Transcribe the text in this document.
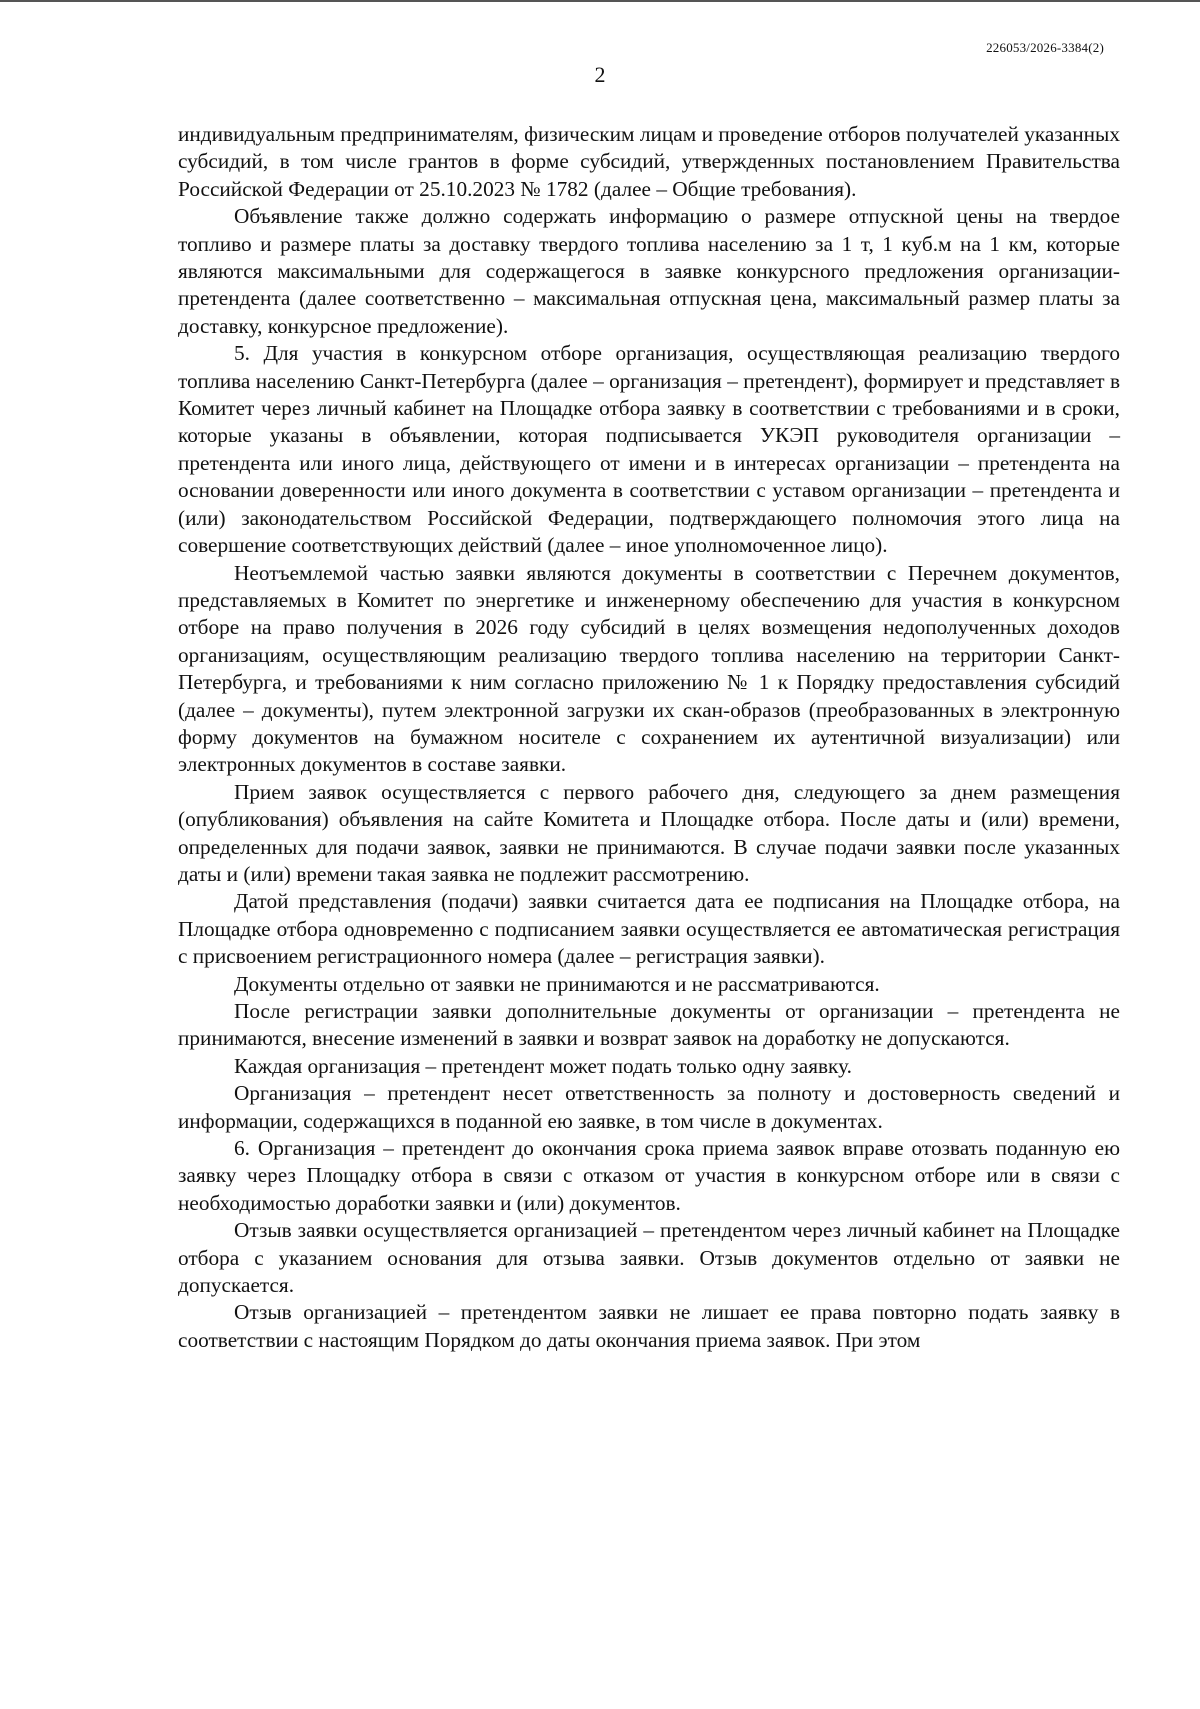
226053/2026-3384(2)
2

индивидуальным предпринимателям, физическим лицам и проведение отборов получателей указанных субсидий, в том числе грантов в форме субсидий, утвержденных постановлением Правительства Российской Федерации от 25.10.2023 № 1782 (далее – Общие требования).

Объявление также должно содержать информацию о размере отпускной цены на твердое топливо и размере платы за доставку твердого топлива населению за 1 т, 1 куб.м на 1 км, которые являются максимальными для содержащегося в заявке конкурсного предложения организации-претендента (далее соответственно – максимальная отпускная цена, максимальный размер платы за доставку, конкурсное предложение).

5. Для участия в конкурсном отборе организация, осуществляющая реализацию твердого топлива населению Санкт-Петербурга (далее – организация – претендент), формирует и представляет в Комитет через личный кабинет на Площадке отбора заявку в соответствии с требованиями и в сроки, которые указаны в объявлении, которая подписывается УКЭП руководителя организации – претендента или иного лица, действующего от имени и в интересах организации – претендента на основании доверенности или иного документа в соответствии с уставом организации – претендента и (или) законодательством Российской Федерации, подтверждающего полномочия этого лица на совершение соответствующих действий (далее – иное уполномоченное лицо).

Неотъемлемой частью заявки являются документы в соответствии с Перечнем документов, представляемых в Комитет по энергетике и инженерному обеспечению для участия в конкурсном отборе на право получения в 2026 году субсидий в целях возмещения недополученных доходов организациям, осуществляющим реализацию твердого топлива населению на территории Санкт-Петербурга, и требованиями к ним согласно приложению № 1 к Порядку предоставления субсидий (далее – документы), путем электронной загрузки их скан-образов (преобразованных в электронную форму документов на бумажном носителе с сохранением их аутентичной визуализации) или электронных документов в составе заявки.

Прием заявок осуществляется с первого рабочего дня, следующего за днем размещения (опубликования) объявления на сайте Комитета и Площадке отбора. После даты и (или) времени, определенных для подачи заявок, заявки не принимаются. В случае подачи заявки после указанных даты и (или) времени такая заявка не подлежит рассмотрению.

Датой представления (подачи) заявки считается дата ее подписания на Площадке отбора, на Площадке отбора одновременно с подписанием заявки осуществляется ее автоматическая регистрация с присвоением регистрационного номера (далее – регистрация заявки).

Документы отдельно от заявки не принимаются и не рассматриваются.

После регистрации заявки дополнительные документы от организации – претендента не принимаются, внесение изменений в заявки и возврат заявок на доработку не допускаются.

Каждая организация – претендент может подать только одну заявку.

Организация – претендент несет ответственность за полноту и достоверность сведений и информации, содержащихся в поданной ею заявке, в том числе в документах.

6. Организация – претендент до окончания срока приема заявок вправе отозвать поданную ею заявку через Площадку отбора в связи с отказом от участия в конкурсном отборе или в связи с необходимостью доработки заявки и (или) документов.

Отзыв заявки осуществляется организацией – претендентом через личный кабинет на Площадке отбора с указанием основания для отзыва заявки. Отзыв документов отдельно от заявки не допускается.

Отзыв организацией – претендентом заявки не лишает ее права повторно подать заявку в соответствии с настоящим Порядком до даты окончания приема заявок. При этом
